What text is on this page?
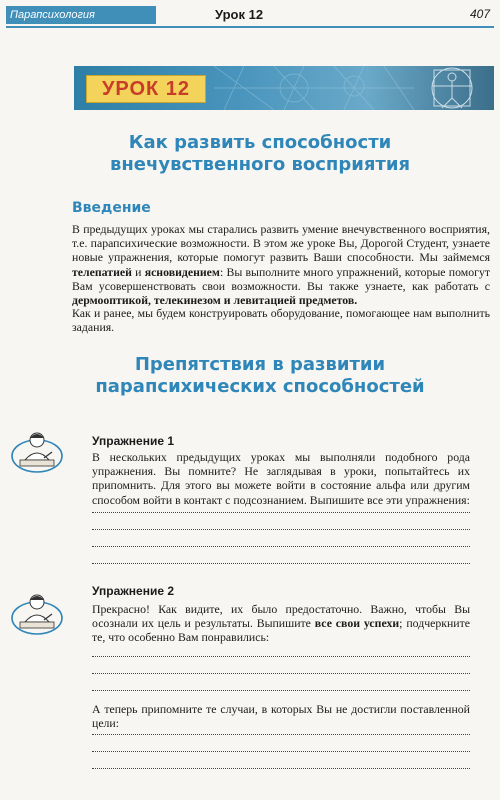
Парапсихология	Урок 12	407
УРОК 12
Как развить способности
внечувственного восприятия
Введение
В предыдущих уроках мы старались развить умение внечувственного восприятия, т.е. парапсихические возможности. В этом же уроке Вы, Дорогой Студент, узнаете новые упражнения, которые помогут развить Ваши способности. Мы займемся телепатией и ясновидением: Вы выполните много упражнений, которые помогут Вам усовершенствовать свои возможности. Вы также узнаете, как работать с дермооптикой, телекинезом и левитацией предметов.
Как и ранее, мы будем конструировать оборудование, помогающее нам выполнить задания.
Препятствия в развитии
парапсихических способностей
Упражнение 1
В нескольких предыдущих уроках мы выполняли подобного рода упражнения. Вы помните? Не заглядывая в уроки, попытайтесь их припомнить. Для этого вы можете войти в состояние альфа или другим способом войти в контакт с подсознанием. Выпишите все эти упражнения:
Упражнение 2
Прекрасно! Как видите, их было предостаточно. Важно, чтобы Вы осознали их цель и результаты. Выпишите все свои успехи; подчеркните те, что особенно Вам понравились:
А теперь припомните те случаи, в которых Вы не достигли поставленной цели:
